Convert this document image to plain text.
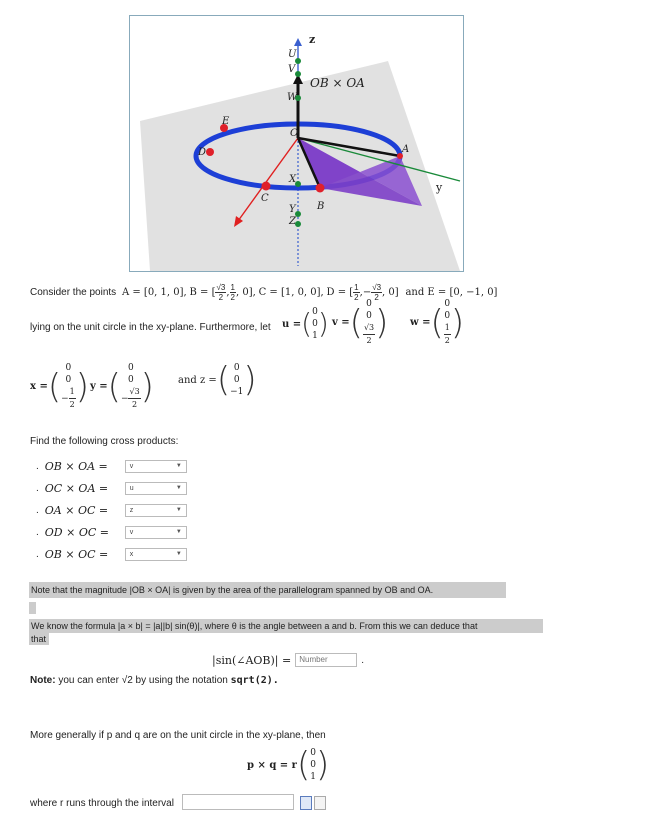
z
U
V
W
OB × OA
O
X
Y
Z
A
B
C
D
E
y
Consider the points A = [0, 1, 0], B = [ $\frac{√3}{2}$ , $\frac{1}{2}$ , 0], C = [1, 0, 0], D = [ $\frac{1}{2}$ ,− $\frac{√3}{2}$ , 0] and E = [0, −1, 0]
lying on the unit circle in the xy-plane. Furthermore, let u = ( 0
0
1 ) v = ( 0
0
$\frac{√3}{2}$ ) w = ( 0
0
$\frac{1}{2}$ )
x = ( 0
0
− $\frac{1}{2}$ ) y = ( 0
0
− $\frac{√3}{2}$ ) and z = ( 0
0
−1 )
Find the following cross products:
. OB × OA =	v	▼
. OC × OA =	u	▼
. OA × OC =	z	▼
. OD × OC =	v	▼
. OB × OC =	x	▼
Note that the magnitude |OB × OA| is given by the area of the parallelogram spanned by OB and OA.
We know the formula |a × b| = |a||b| sin(θ)|, where θ is the angle between a and b. From this we can deduce that
that
|sin(∠AOB)| =	Number	.
Note: you can enter √2 by using the notation sqrt(2).
More generally if p and q are on the unit circle in the xy-plane, then
p × q = r ( 0
0
1 )
where r runs through the interval
